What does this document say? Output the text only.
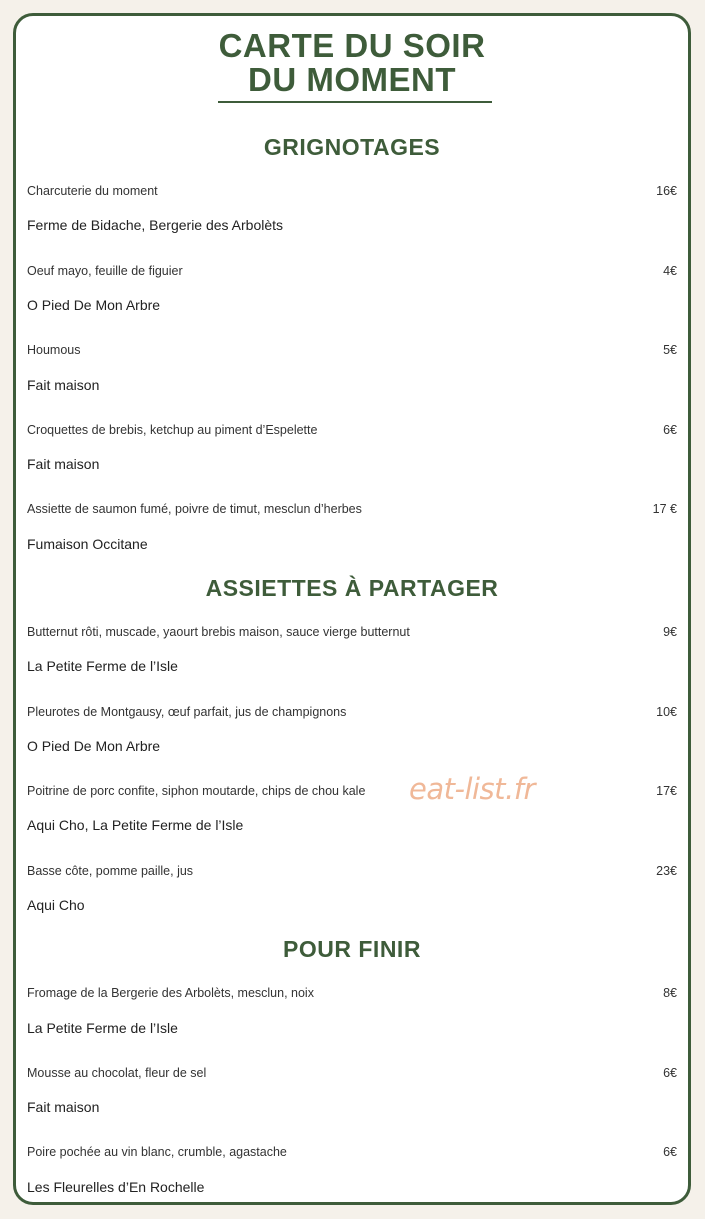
CARTE DU SOIR
DU MOMENT
GRIGNOTAGES
Charcuterie du moment	16€
Ferme de Bidache, Bergerie des Arbolèts
Oeuf mayo, feuille de figuier	4€
O Pied De Mon Arbre
Houmous	5€
Fait maison
Croquettes de brebis, ketchup au piment d’Espelette	6€
Fait maison
Assiette de saumon fumé, poivre de timut, mesclun d’herbes	17 €
Fumaison Occitane
ASSIETTES À PARTAGER
Butternut rôti, muscade, yaourt brebis maison, sauce vierge butternut	9€
La Petite Ferme de l’Isle
Pleurotes de Montgausy, œuf parfait, jus de champignons	10€
O Pied De Mon Arbre
Poitrine de porc confite, siphon moutarde, chips de chou kale	17€
Aqui Cho, La Petite Ferme de l’Isle
Basse côte, pomme paille, jus	23€
Aqui Cho
POUR FINIR
Fromage de la Bergerie des Arbolèts, mesclun, noix	8€
La Petite Ferme de l’Isle
Mousse au chocolat, fleur de sel	6€
Fait maison
Poire pochée au vin blanc, crumble, agastache	6€
Les Fleurelles d’En Rochelle
eat-list.fr
